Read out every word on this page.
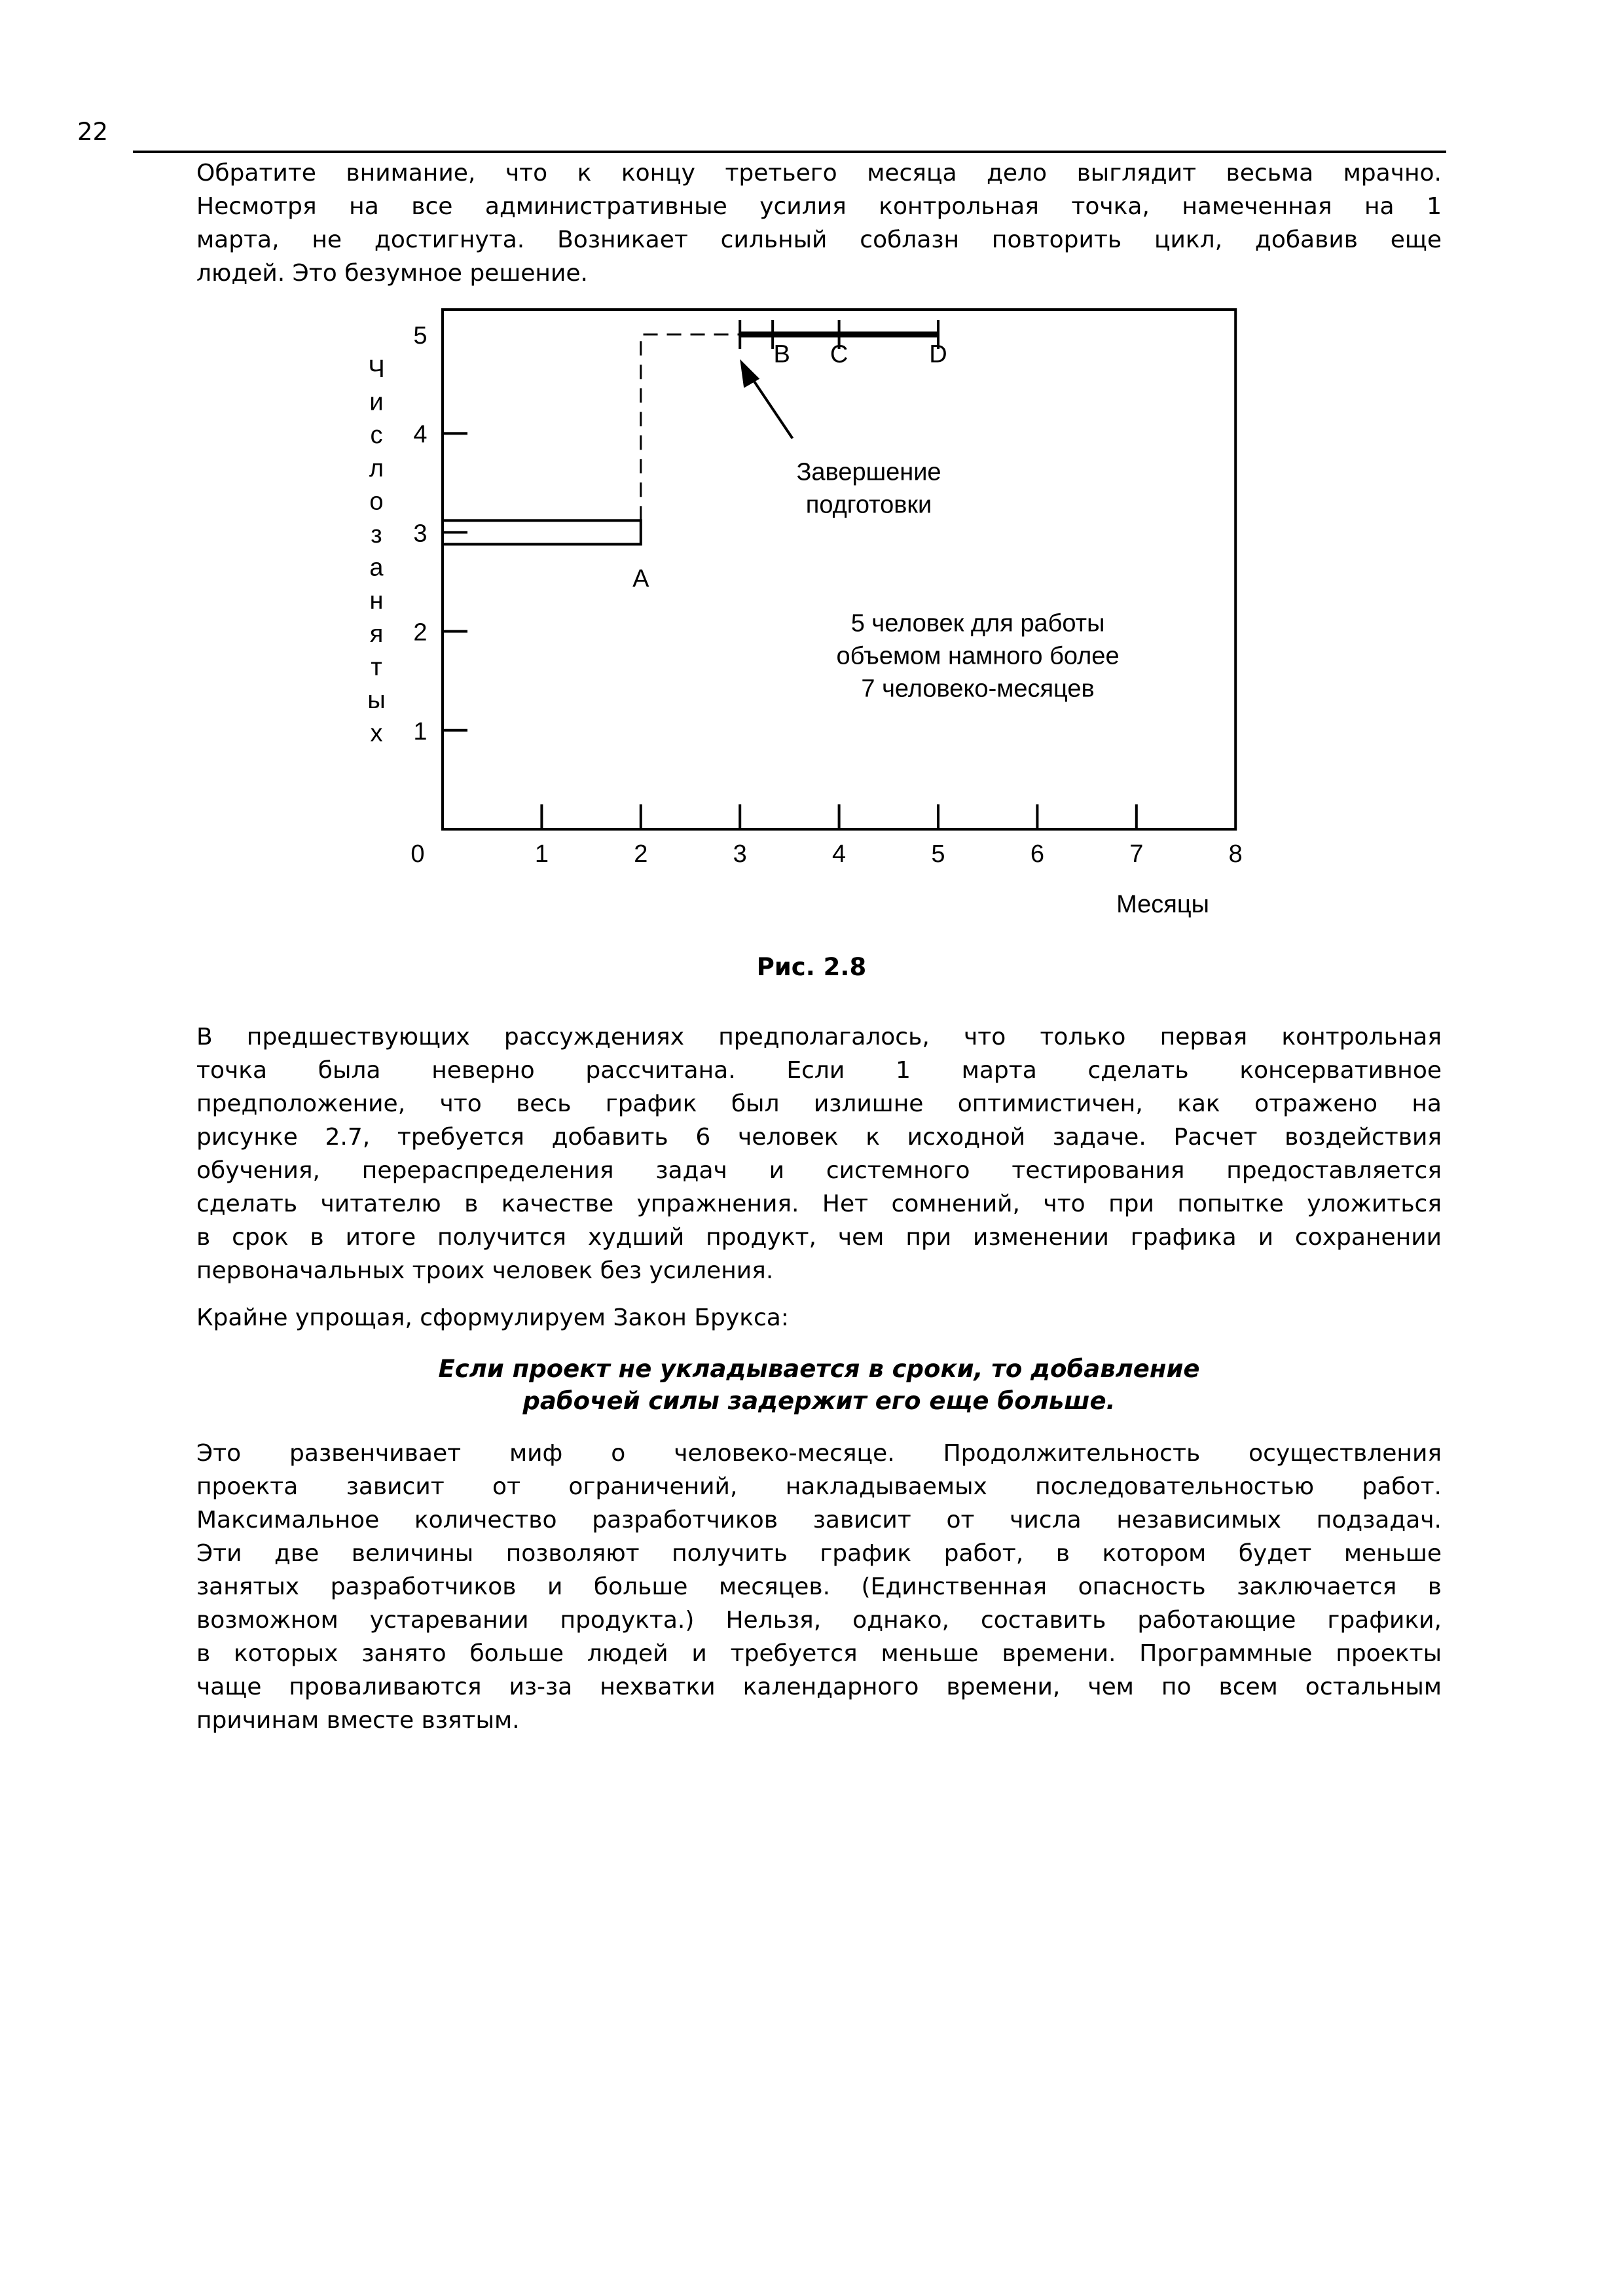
22
Обратите внимание, что к концу третьего месяца дело выглядит весьма мрачно.
Несмотря на все административные усилия контрольная точка, намеченная на 1
марта, не достигнута. Возникает сильный соблазн повторить цикл, добавив еще
людей. Это безумное решение.
0	1	2	3	4	5	6	7	8
1
2
3
4
5
Месяцы
Ч
и
с
л
о
з
а
н
я
т
ы
х
A
B C	D
Завершение
подготовки
5 человек для работы
объемом намного более
7 человеко-месяцев
Рис. 2.8
В предшествующих рассуждениях предполагалось, что только первая контрольная
точка была неверно рассчитана. Если 1 марта сделать консервативное
предположение, что весь график был излишне оптимистичен, как отражено на
рисунке 2.7, требуется добавить 6 человек к исходной задаче. Расчет воздействия
обучения, перераспределения задач и системного тестирования предоставляется
сделать читателю в качестве упражнения. Нет сомнений, что при попытке уложиться
в срок в итоге получится худший продукт, чем при изменении графика и сохранении
первоначальных троих человек без усиления.
Крайне упрощая, сформулируем Закон Брукса:
Если проект не укладывается в сроки, то добавление
рабочей силы задержит его еще больше.
Это развенчивает миф о человеко-месяце. Продолжительность осуществления
проекта зависит от ограничений, накладываемых последовательностью работ.
Максимальное количество разработчиков зависит от числа независимых подзадач.
Эти две величины позволяют получить график работ, в котором будет меньше
занятых разработчиков и больше месяцев. (Единственная опасность заключается в
возможном устаревании продукта.) Нельзя, однако, составить работающие графики,
в которых занято больше людей и требуется меньше времени. Программные проекты
чаще проваливаются из-за нехватки календарного времени, чем по всем остальным
причинам вместе взятым.
